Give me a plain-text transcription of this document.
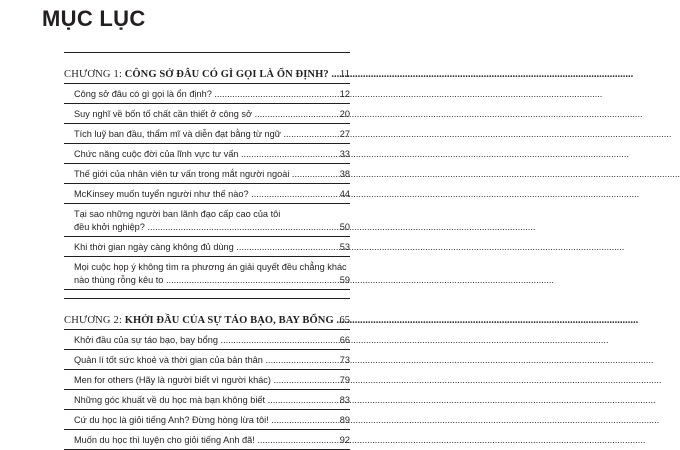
MỤC LỤC
CHƯƠNG 1: CÔNG SỞ ĐÂU CÓ GÌ GỌI LÀ ỔN ĐỊNH? .....	11
Công sở đâu có gì gọi là ổn định? .....	12
Suy nghĩ về bốn tố chất cần thiết ở công sở .....	20
Tích luỹ ban đầu, thẩm mĩ và diễn đạt bằng từ ngữ .....	27
Chức năng cuộc đời của lĩnh vực tư vấn .....	33
Thế giới của nhân viên tư vấn trong mắt người ngoài .....	38
McKinsey muốn tuyển người như thế nào? .....	44
Tại sao những người ban lãnh đạo cấp cao của tôi
đều khởi nghiệp? .....	50
Khi thời gian ngày càng không đủ dùng .....	53
Mọi cuộc họp ý không tìm ra phương án giải quyết đều chẳng khác
nào thùng rỗng kêu to .....	59
CHƯƠNG 2: KHỞI ĐẦU CỦA SỰ TÁO BẠO, BAY BỔNG ..... 65
Khởi đầu của sự táo bạo, bay bổng .....	66
Quản lí tốt sức khoẻ và thời gian của bản thân .....	73
Men for others (Hãy là người biết vì người khác) .....	79
Những góc khuất về du học mà bạn không biết .....	83
Cứ du học là giỏi tiếng Anh? Đừng hòng lừa tôi! .....	89
Muốn du học thì luyện cho giỏi tiếng Anh đã! .....	92
